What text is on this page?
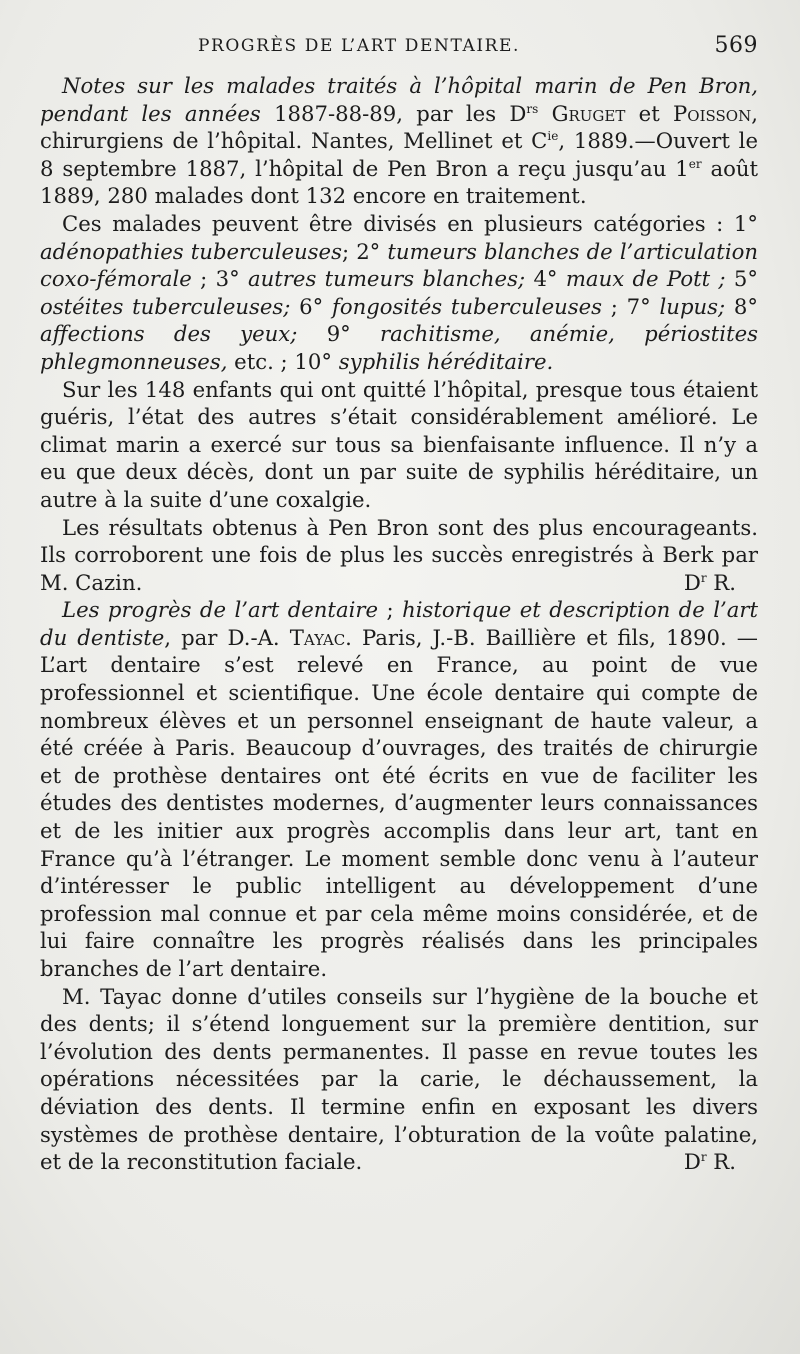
PROGRÈS DE L’ART DENTAIRE.	569

Notes sur les malades traités à l’hôpital marin de Pen Bron, pendant les années 1887-88-89, par les $D^{rs}$ Gruget et Poisson, chirurgiens de l’hôpital. Nantes, Mellinet et $C^{ie}$, 1889.—Ouvert le 8 septembre 1887, l’hôpital de Pen Bron a reçu jusqu’au 1er août 1889, 280 malades dont 132 encore en traitement.

Ces malades peuvent être divisés en plusieurs catégories : 1° adénopathies tuberculeuses; 2° tumeurs blanches de l’articulation coxo-fémorale ; 3° autres tumeurs blanches; 4° maux de Pott ; 5° ostéites tuberculeuses; 6° fongosités tuberculeuses ; 7° lupus; 8° affections des yeux; 9° rachitisme, anémie, périostites phlegmonneuses, etc. ; 10° syphilis héréditaire.

Sur les 148 enfants qui ont quitté l’hôpital, presque tous étaient guéris, l’état des autres s’était considérablement amélioré. Le climat marin a exercé sur tous sa bienfaisante influence. Il n’y a eu que deux décès, dont un par suite de syphilis héréditaire, un autre à la suite d’une coxalgie.

Les résultats obtenus à Pen Bron sont des plus encourageants. Ils corroborent une fois de plus les succès enregistrés à Berk par M. Cazin.	$D^r$ R.

Les progrès de l’art dentaire ; historique et description de l’art du dentiste, par D.-A. Tayac. Paris, J.-B. Baillière et fils, 1890. — L’art dentaire s’est relevé en France, au point de vue professionnel et scientifique. Une école dentaire qui compte de nombreux élèves et un personnel enseignant de haute valeur, a été créée à Paris. Beaucoup d’ouvrages, des traités de chirurgie et de prothèse dentaires ont été écrits en vue de faciliter les études des dentistes modernes, d’augmenter leurs connaissances et de les initier aux progrès accomplis dans leur art, tant en France qu’à l’étranger. Le moment semble donc venu à l’auteur d’intéresser le public intelligent au développement d’une profession mal connue et par cela même moins considérée, et de lui faire connaître les progrès réalisés dans les principales branches de l’art dentaire.

M. Tayac donne d’utiles conseils sur l’hygiène de la bouche et des dents; il s’étend longuement sur la première dentition, sur l’évolution des dents permanentes. Il passe en revue toutes les opérations nécessitées par la carie, le déchaussement, la déviation des dents. Il termine enfin en exposant les divers systèmes de prothèse dentaire, l’obturation de la voûte palatine, et de la reconstitution faciale.	$D^r$ R.
